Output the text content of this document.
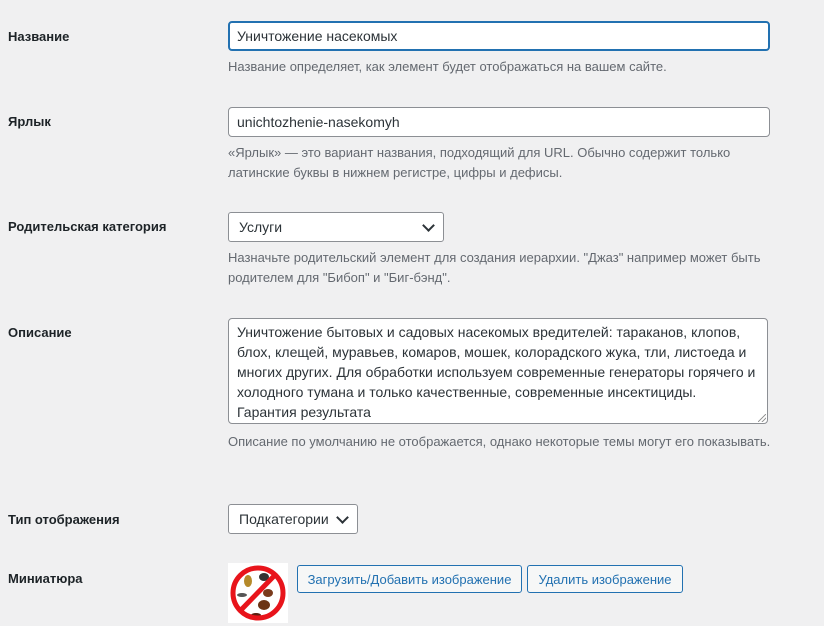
Название	Уничтожение насекомых
Название определяет, как элемент будет отображаться на вашем сайте.
Ярлык	unichtozhenie-nasekomyh
«Ярлык» — это вариант названия, подходящий для URL. Обычно содержит только латинские буквы в нижнем регистре, цифры и дефисы.
Родительская категория	Услуги
Назначьте родительский элемент для создания иерархии. "Джаз" например может быть родителем для "Бибоп" и "Биг-бэнд".
Описание	Уничтожение бытовых и садовых насекомых вредителей: тараканов, клопов, блох, клещей, муравьев, комаров, мошек, колорадского жука, тли, листоеда и многих других. Для обработки используем современные генераторы горячего и холодного тумана и только качественные, современные инсектициды. Гарантия результата
Описание по умолчанию не отображается, однако некоторые темы могут его показывать.
Тип отображения	Подкатегории
Миниатюра	Загрузить/Добавить изображение	Удалить изображение
